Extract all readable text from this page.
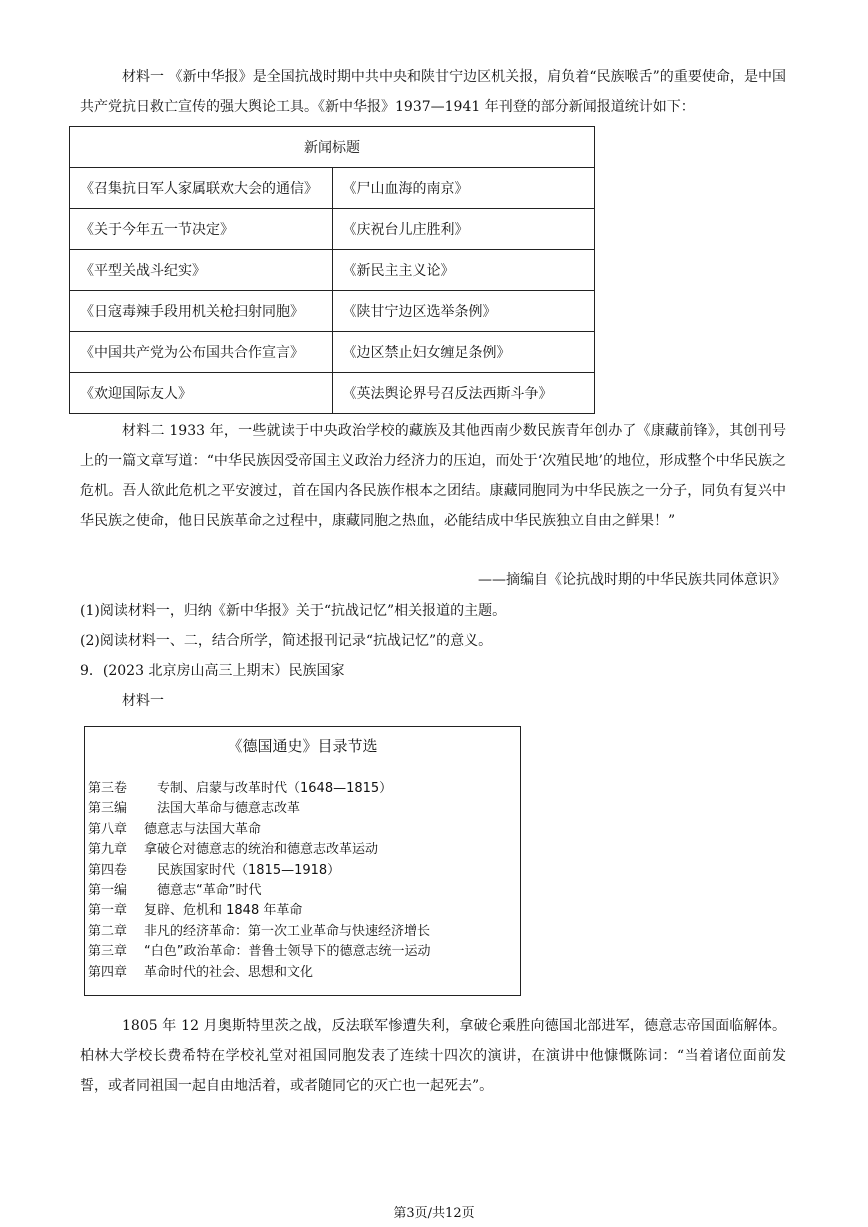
材料一 《新中华报》是全国抗战时期中共中央和陕甘宁边区机关报，肩负着“民族喉舌”的重要使命，是中国共产党抗日救亡宣传的强大舆论工具。《新中华报》1937—1941 年刊登的部分新闻报道统计如下：

新闻标题	
《召集抗日军人家属联欢大会的通信》	《尸山血海的南京》
《关于今年五一节决定》	《庆祝台儿庄胜利》
《平型关战斗纪实》	《新民主主义论》
《日寇毒辣手段用机关枪扫射同胞》	《陕甘宁边区选举条例》
《中国共产党为公布国共合作宣言》	《边区禁止妇女缠足条例》
《欢迎国际友人》	《英法舆论界号召反法西斯斗争》

材料二 1933 年，一些就读于中央政治学校的藏族及其他西南少数民族青年创办了《康藏前锋》，其创刊号上的一篇文章写道：“中华民族因受帝国主义政治力经济力的压迫，而处于‘次殖民地’的地位，形成整个中华民族之危机。吾人欲此危机之平安渡过，首在国内各民族作根本之团结。康藏同胞同为中华民族之一分子，同负有复兴中华民族之使命，他日民族革命之过程中，康藏同胞之热血，必能结成中华民族独立自由之鲜果！”

——摘编自《论抗战时期的中华民族共同体意识》

(1)阅读材料一，归纳《新中华报》关于“抗战记忆”相关报道的主题。

(2)阅读材料一、二，结合所学，简述报刊记录“抗战记忆”的意义。

9．(2023 北京房山高三上期末）民族国家

材料一

《德国通史》目录节选
第三卷　专制、启蒙与改革时代（1648—1815）
第三编　法国大革命与德意志改革
第八章 德意志与法国大革命
第九章 拿破仑对德意志的统治和德意志改革运动
第四卷　民族国家时代（1815—1918）
第一编　德意志“革命”时代
第一章 复辟、危机和 1848 年革命
第二章 非凡的经济革命：第一次工业革命与快速经济增长
第三章 “白色”政治革命：普鲁士领导下的德意志统一运动
第四章 革命时代的社会、思想和文化

1805 年 12 月奥斯特里茨之战，反法联军惨遭失利，拿破仑乘胜向德国北部进军，德意志帝国面临解体。柏林大学校长费希特在学校礼堂对祖国同胞发表了连续十四次的演讲，在演讲中他慷慨陈词：“当着诸位面前发誓，或者同祖国一起自由地活着，或者随同它的灭亡也一起死去”。

第3页/共12页
